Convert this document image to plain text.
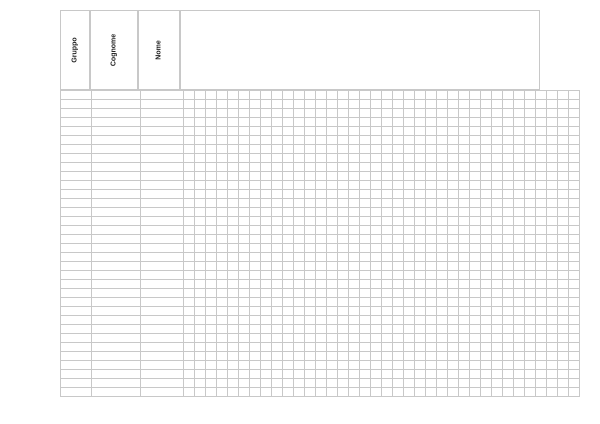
Gruppo	Cognome	Nome
